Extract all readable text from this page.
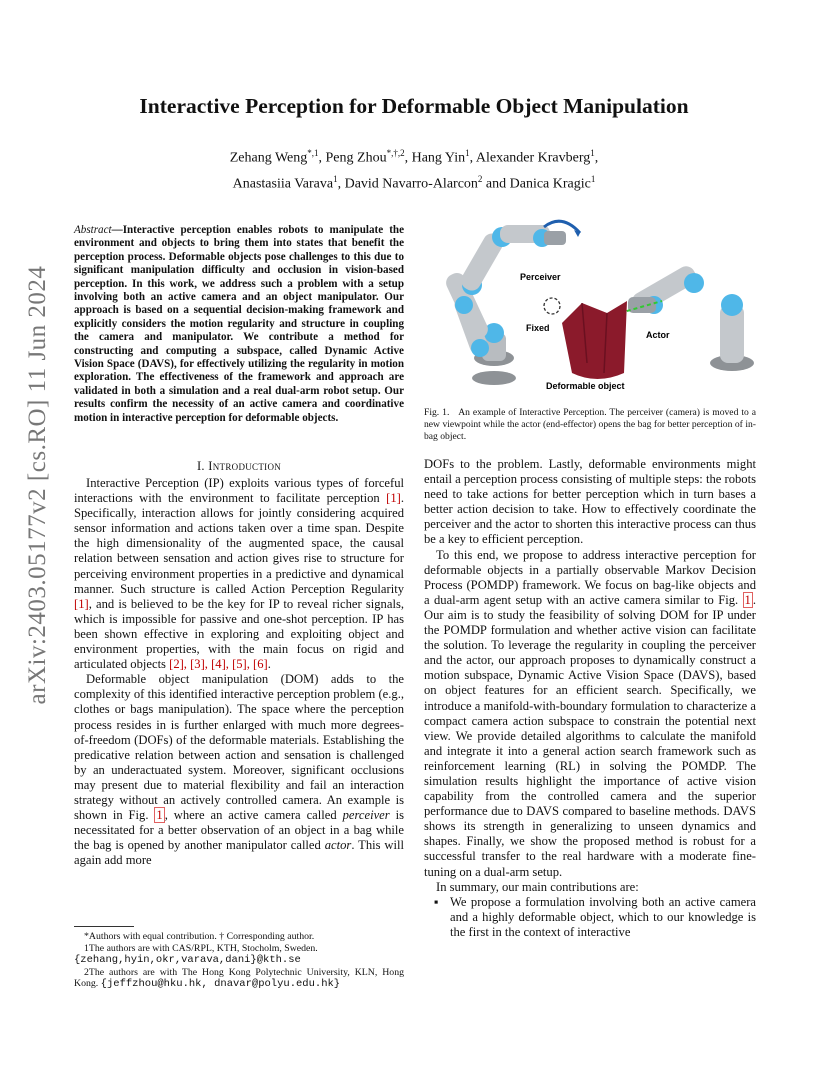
arXiv:2403.05177v2 [cs.RO] 11 Jun 2024
Interactive Perception for Deformable Object Manipulation
Zehang Weng$^{*,1}$, Peng Zhou$^{*,\dagger,2}$, Hang Yin$^1$, Alexander Kravberg$^1$,
Anastasiia Varava$^1$, David Navarro-Alarcon$^2$ and Danica Kragic$^1$
Abstract—Interactive perception enables robots to manipulate the environment and objects to bring them into states that benefit the perception process. Deformable objects pose challenges to this due to significant manipulation difficulty and occlusion in vision-based perception. In this work, we address such a problem with a setup involving both an active camera and an object manipulator. Our approach is based on a sequential decision-making framework and explicitly considers the motion regularity and structure in coupling the camera and manipulator. We contribute a method for constructing and computing a subspace, called Dynamic Active Vision Space (DAVS), for effectively utilizing the regularity in motion exploration. The effectiveness of the framework and approach are validated in both a simulation and a real dual-arm robot setup. Our results confirm the necessity of an active camera and coordinative motion in interactive perception for deformable objects.
I. Introduction

Interactive Perception (IP) exploits various types of forceful interactions with the environment to facilitate perception [1]. Specifically, interaction allows for jointly considering acquired sensor information and actions taken over a time span. Despite the high dimensionality of the augmented space, the causal relation between sensation and action gives rise to structure for perceiving environment properties in a predictive and dynamical manner. Such structure is called Action Perception Regularity [1], and is believed to be the key for IP to reveal richer signals, which is impossible for passive and one-shot perception. IP has been shown effective in exploring and exploiting object and environment properties, with the main focus on rigid and articulated objects [2], [3], [4], [5], [6].

Deformable object manipulation (DOM) adds to the complexity of this identified interactive perception problem (e.g., clothes or bags manipulation). The space where the perception process resides in is further enlarged with much more degrees-of-freedom (DOFs) of the deformable materials. Establishing the predicative relation between action and sensation is challenged by an underactuated system. Moreover, significant occlusions may present due to material flexibility and fail an interaction strategy without an actively controlled camera. An example is shown in Fig. 1 , where an active camera called perceiver is necessitated for a better observation of an object in a bag while the bag is opened by another manipulator called actor. This will again add more

Perceiver
Fixed
Actor
Deformable object
Fig. 1. An example of Interactive Perception. The perceiver (camera) is moved to a new viewpoint while the actor (end-effector) opens the bag for better perception of in-bag object.

DOFs to the problem. Lastly, deformable environments might entail a perception process consisting of multiple steps: the robots need to take actions for better perception which in turn bases a better action decision to take. How to effectively coordinate the perceiver and the actor to shorten this interactive process can thus be a key to efficient perception.

To this end, we propose to address interactive perception for deformable objects in a partially observable Markov Decision Process (POMDP) framework. We focus on bag-like objects and a dual-arm agent setup with an active camera similar to Fig. 1 . Our aim is to study the feasibility of solving DOM for IP under the POMDP formulation and whether active vision can facilitate the solution. To leverage the regularity in coupling the perceiver and the actor, our approach proposes to dynamically construct a motion subspace, Dynamic Active Vision Space (DAVS), based on object features for an efficient search. Specifically, we introduce a manifold-with-boundary formulation to characterize a compact camera action subspace to constrain the potential next view. We provide detailed algorithms to calculate the manifold and integrate it into a general action search framework such as reinforcement learning (RL) in solving the POMDP. The simulation results highlight the importance of active vision capability from the controlled camera and the superior performance due to DAVS compared to baseline methods. DAVS shows its strength in generalizing to unseen dynamics and shapes. Finally, we show the proposed method is robust for a successful transfer to the real hardware with a moderate fine-tuning on a dual-arm setup.

In summary, our main contributions are:

▪ We propose a formulation involving both an active camera and a highly deformable object, which to our knowledge is the first in the context of interactive

*Authors with equal contribution. † Corresponding author.

1The authors are with CAS/RPL, KTH, Stocholm, Sweden.

{zehang,hyin,okr,varava,dani}@kth.se

2The authors are with The Hong Kong Polytechnic University, KLN, Hong Kong. {jeffzhou@hku.hk, dnavar@polyu.edu.hk}
